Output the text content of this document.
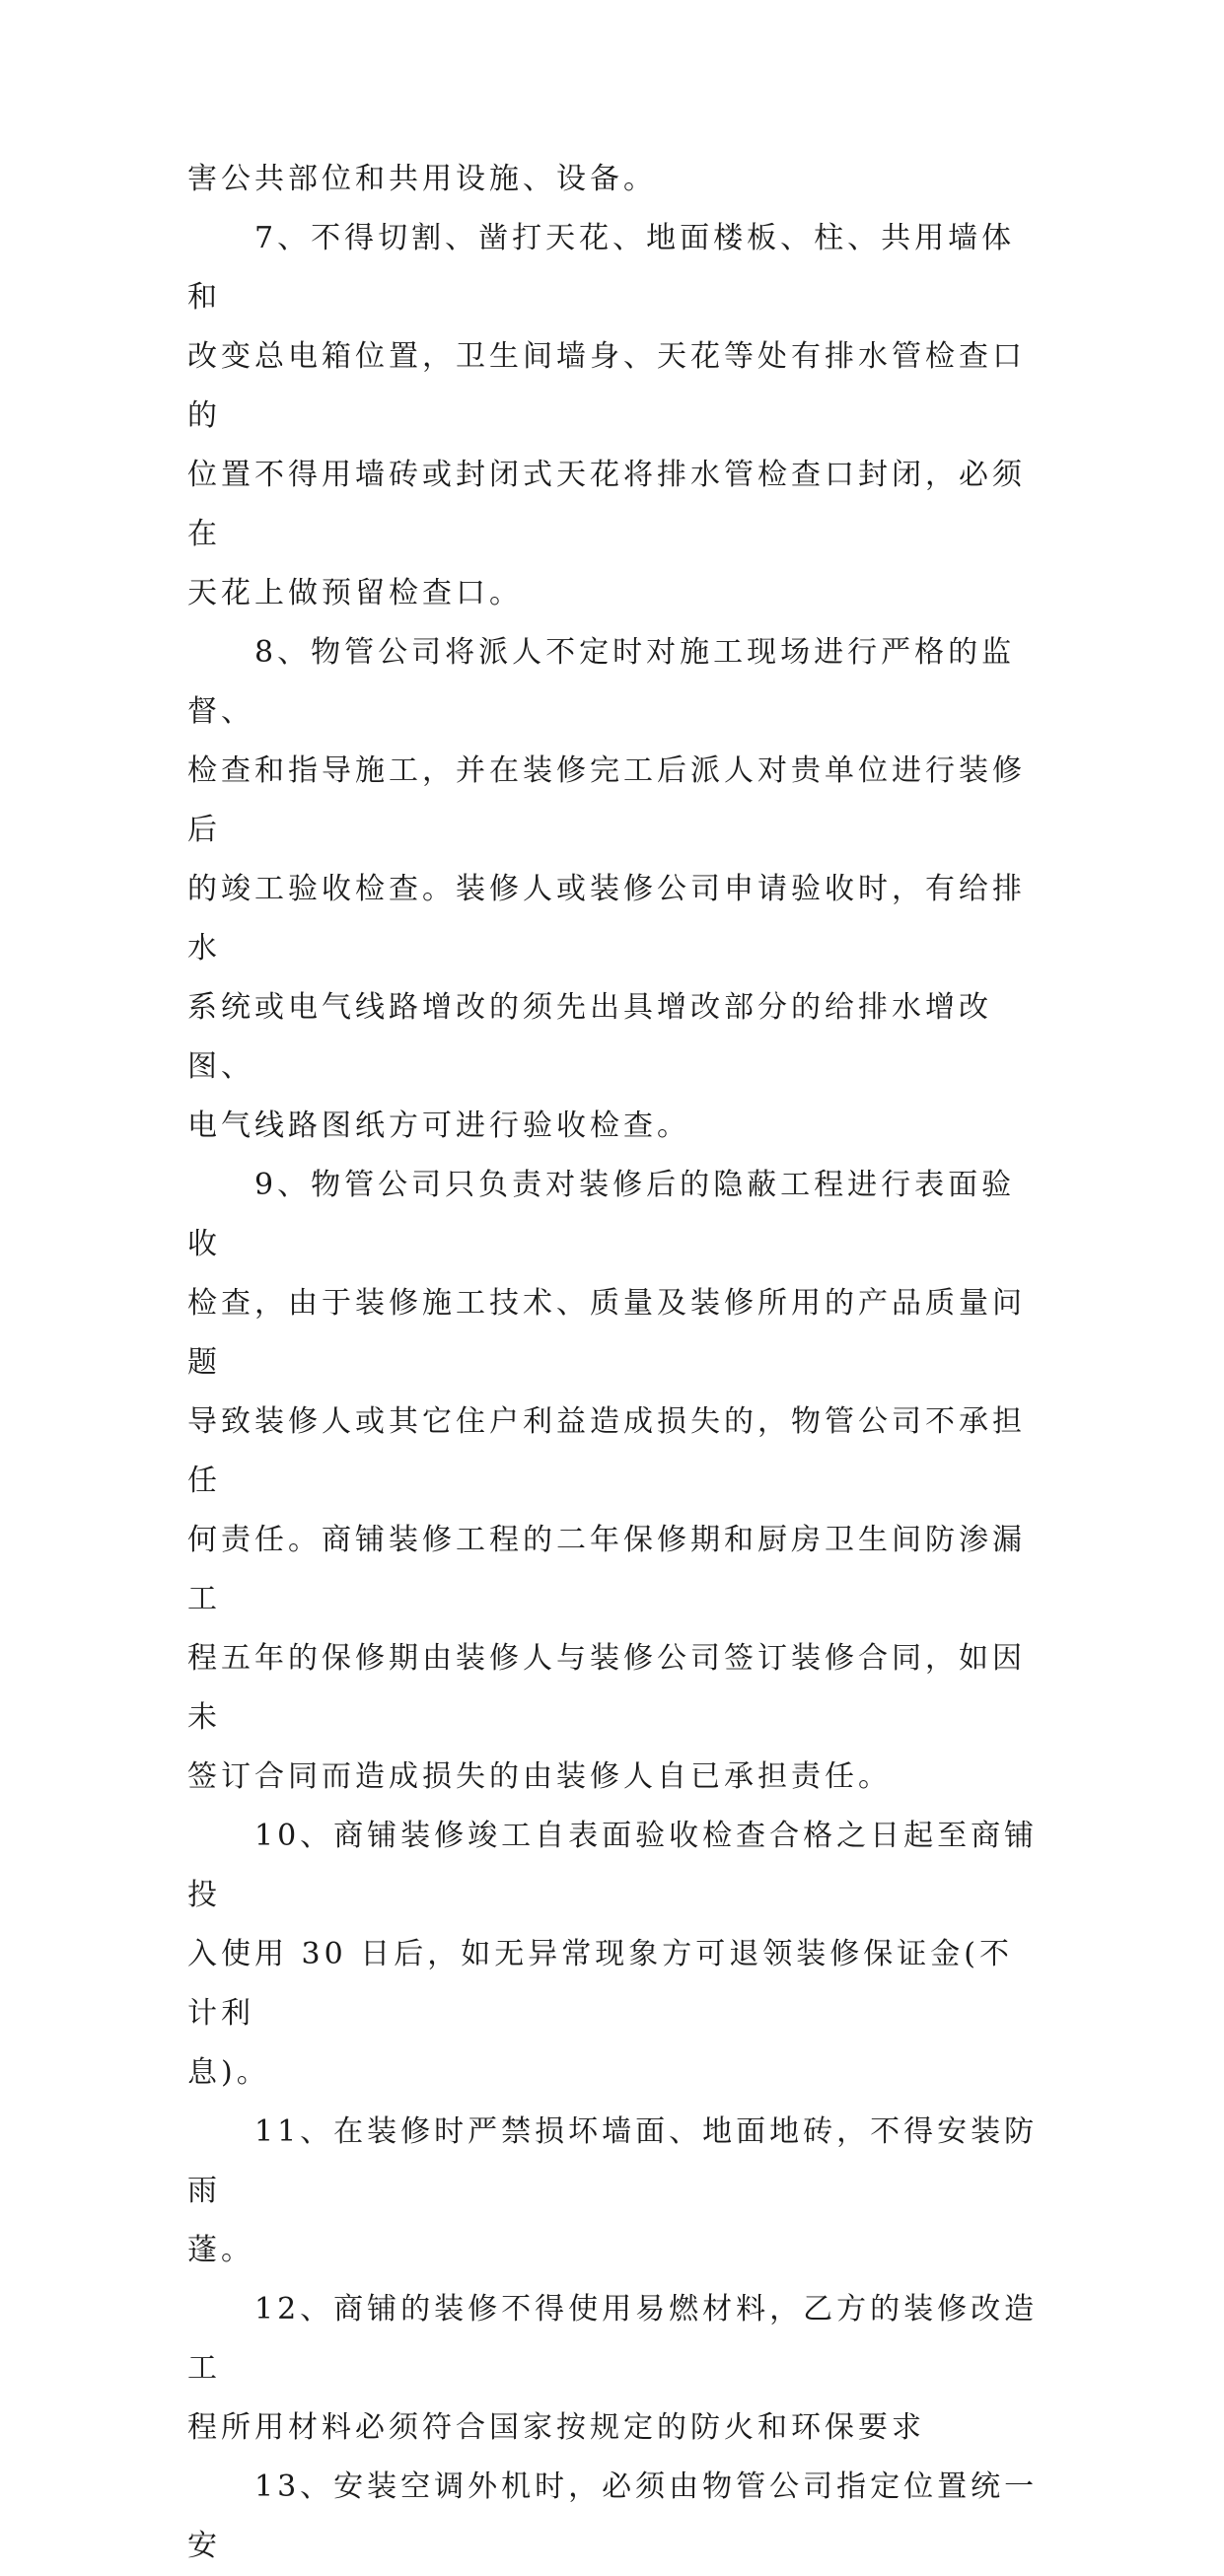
害公共部位和共用设施、设备。

7、不得切割、凿打天花、地面楼板、柱、共用墙体和
改变总电箱位置，卫生间墙身、天花等处有排水管检查口的
位置不得用墙砖或封闭式天花将排水管检查口封闭，必须在
天花上做预留检查口。

8、物管公司将派人不定时对施工现场进行严格的监督、
检查和指导施工，并在装修完工后派人对贵单位进行装修后
的竣工验收检查。装修人或装修公司申请验收时，有给排水
系统或电气线路增改的须先出具增改部分的给排水增改图、
电气线路图纸方可进行验收检查。

9、物管公司只负责对装修后的隐蔽工程进行表面验收
检查，由于装修施工技术、质量及装修所用的产品质量问题
导致装修人或其它住户利益造成损失的，物管公司不承担任
何责任。商铺装修工程的二年保修期和厨房卫生间防渗漏工
程五年的保修期由装修人与装修公司签订装修合同，如因未
签订合同而造成损失的由装修人自已承担责任。

10、商铺装修竣工自表面验收检查合格之日起至商铺投
入使用 30 日后，如无异常现象方可退领装修保证金(不计利
息)。

11、在装修时严禁损坏墙面、地面地砖，不得安装防雨
蓬。

12、商铺的装修不得使用易燃材料，乙方的装修改造工
程所用材料必须符合国家按规定的防火和环保要求

13、安装空调外机时，必须由物管公司指定位置统一安
